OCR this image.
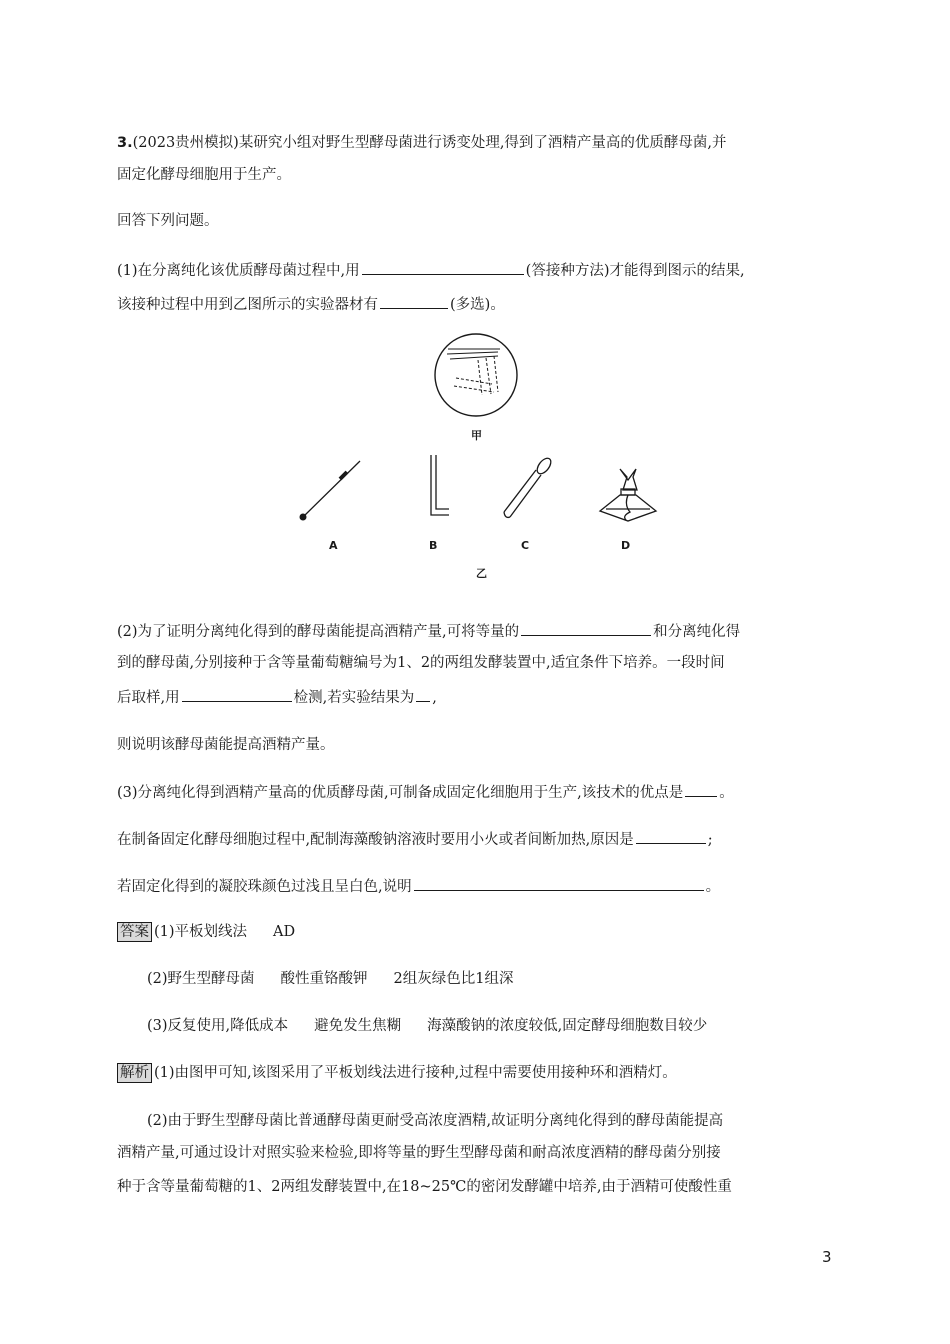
3.(2023贵州模拟)某研究小组对野生型酵母菌进行诱变处理,得到了酒精产量高的优质酵母菌,并
固定化酵母细胞用于生产。
回答下列问题。
(1)在分离纯化该优质酵母菌过程中,用	(答接种方法)才能得到图示的结果,
该接种过程中用到乙图所示的实验器材有	(多选)。
甲
A	B	C	D
乙
(2)为了证明分离纯化得到的酵母菌能提高酒精产量,可将等量的	和分离纯化得
到的酵母菌,分别接种于含等量葡萄糖编号为1、2的两组发酵装置中,适宜条件下培养。一段时间
后取样,用	检测,若实验结果为 ,
则说明该酵母菌能提高酒精产量。
(3)分离纯化得到酒精产量高的优质酵母菌,可制备成固定化细胞用于生产,该技术的优点是 。
在制备固定化酵母细胞过程中,配制海藻酸钠溶液时要用小火或者间断加热,原因是	;
若固定化得到的凝胶珠颜色过浅且呈白色,说明	。
答案 (1)平板划线法 AD
(2)野生型酵母菌 酸性重铬酸钾 2组灰绿色比1组深
(3)反复使用,降低成本 避免发生焦糊 海藻酸钠的浓度较低,固定酵母细胞数目较少
解析 (1)由图甲可知,该图采用了平板划线法进行接种,过程中需要使用接种环和酒精灯。
(2)由于野生型酵母菌比普通酵母菌更耐受高浓度酒精,故证明分离纯化得到的酵母菌能提高
酒精产量,可通过设计对照实验来检验,即将等量的野生型酵母菌和耐高浓度酒精的酵母菌分别接
种于含等量葡萄糖的1、2两组发酵装置中,在18~25℃的密闭发酵罐中培养,由于酒精可使酸性重
3
